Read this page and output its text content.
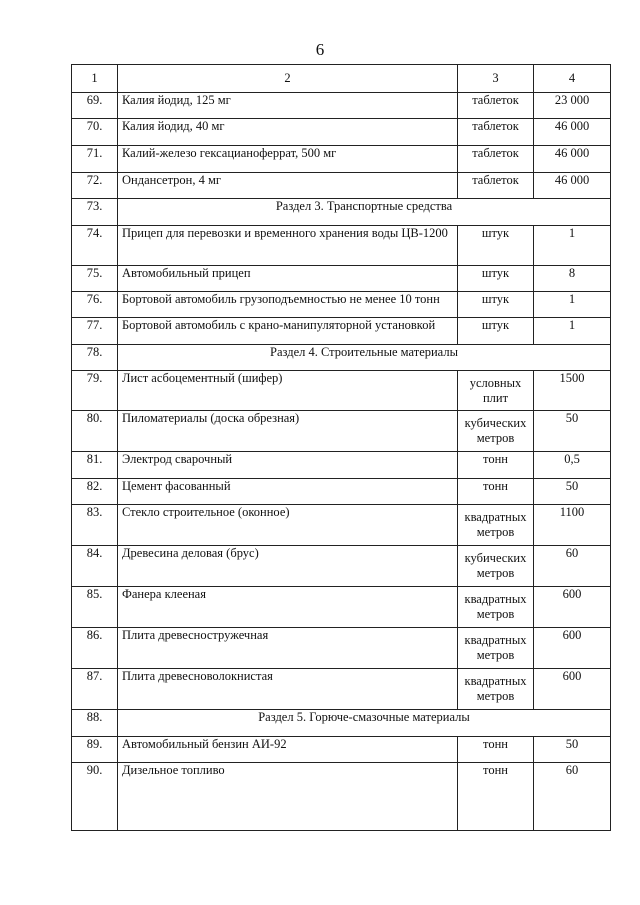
6
1	2	3	4
69.	Калия йодид, 125 мг	таблеток	23 000
70.	Калия йодид, 40 мг	таблеток	46 000
71.	Калий-железо гексацианоферрат, 500 мг	таблеток	46 000
72.	Ондансетрон, 4 мг	таблеток	46 000
73.	Раздел 3. Транспортные средства		
74.	Прицеп для перевозки и временного хранения воды ЦВ-1200	штук	1
75.	Автомобильный прицеп	штук	8
76.	Бортовой автомобиль грузоподъемностью не менее 10 тонн	штук	1
77.	Бортовой автомобиль с крано-манипуляторной установкой	штук	1
78.	Раздел 4. Строительные материалы		
79.	Лист асбоцементный (шифер)	условных плит	1500
80.	Пиломатериалы (доска обрезная)	кубических метров	50
81.	Электрод сварочный	тонн	0,5
82.	Цемент фасованный	тонн	50
83.	Стекло строительное (оконное)	квадратных метров	1100
84.	Древесина деловая (брус)	кубических метров	60
85.	Фанера клееная	квадратных метров	600
86.	Плита древесностружечная	квадратных метров	600
87.	Плита древесноволокнистая	квадратных метров	600
88.	Раздел 5. Горюче-смазочные материалы		
89.	Автомобильный бензин АИ-92	тонн	50
90.	Дизельное топливо	тонн	60
